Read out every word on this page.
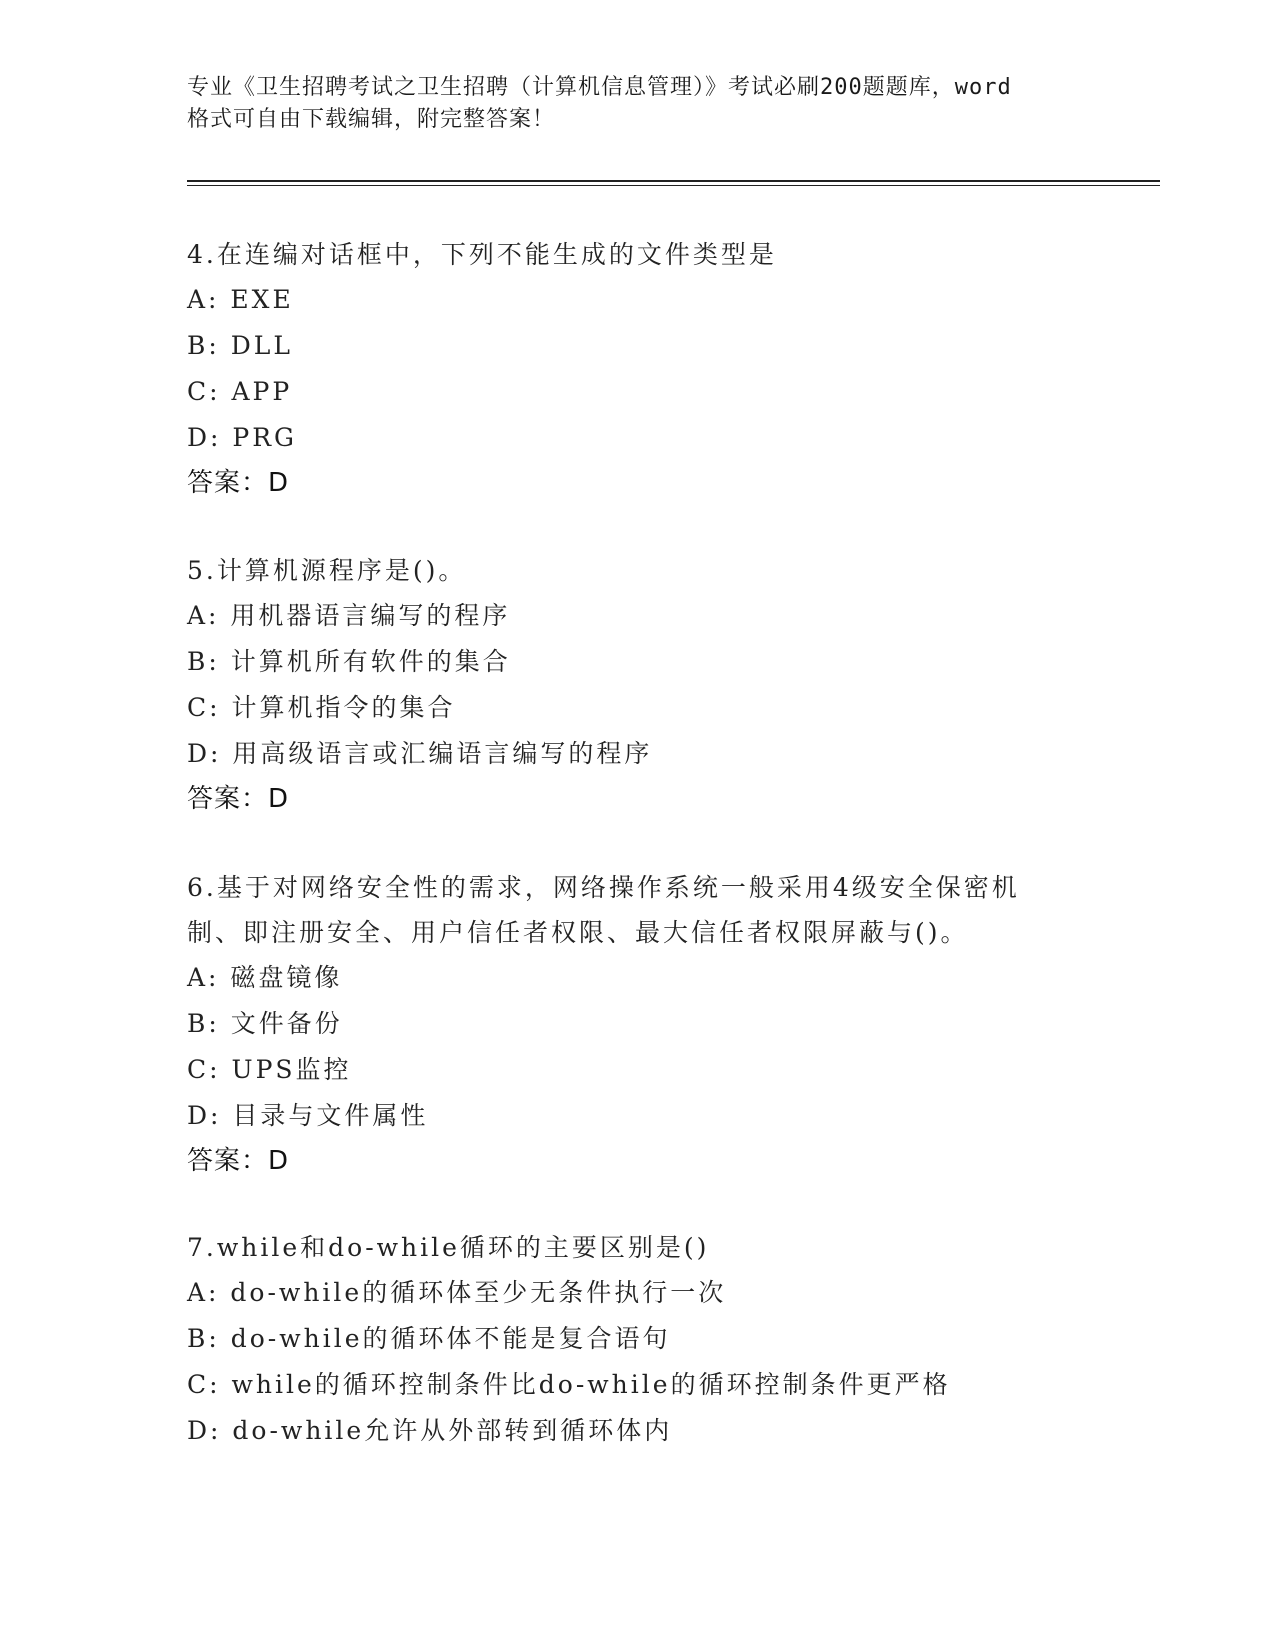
专业《卫生招聘考试之卫生招聘（计算机信息管理）》考试必刷200题题库，word
格式可自由下载编辑，附完整答案！
4.在连编对话框中，下列不能生成的文件类型是
A: EXE
B: DLL
C: APP
D: PRG
答案：D
5.计算机源程序是()。
A: 用机器语言编写的程序
B: 计算机所有软件的集合
C: 计算机指令的集合
D: 用高级语言或汇编语言编写的程序
答案：D
6.基于对网络安全性的需求，网络操作系统一般采用4级安全保密机制、即注册安全、用户信任者权限、最大信任者权限屏蔽与()。
A: 磁盘镜像
B: 文件备份
C: UPS监控
D: 目录与文件属性
答案：D
7.while和do-while循环的主要区别是()
A: do-while的循环体至少无条件执行一次
B: do-while的循环体不能是复合语句
C: while的循环控制条件比do-while的循环控制条件更严格
D: do-while允许从外部转到循环体内
